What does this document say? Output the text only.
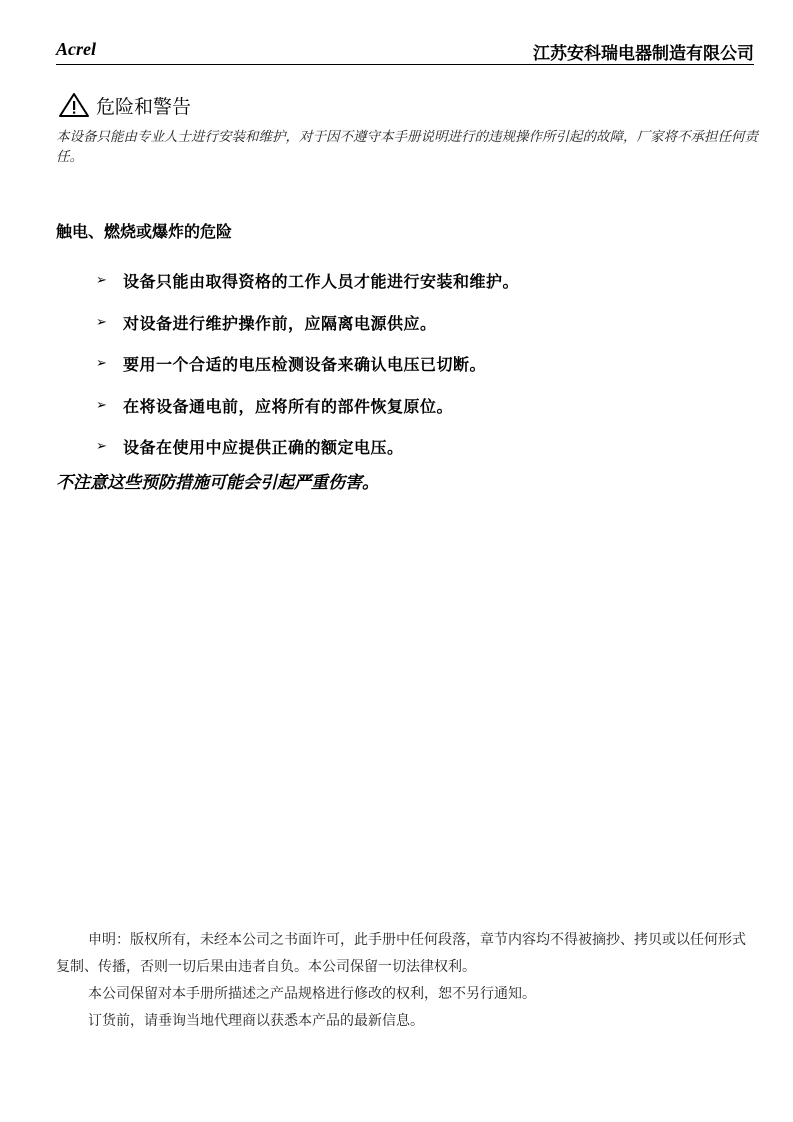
Acrel	江苏安科瑞电器制造有限公司
危险和警告
本设备只能由专业人士进行安装和维护，对于因不遵守本手册说明进行的违规操作所引起的故障，厂家将不承担任何责任。
触电、燃烧或爆炸的危险
➢	设备只能由取得资格的工作人员才能进行安装和维护。
➢	对设备进行维护操作前，应隔离电源供应。
➢	要用一个合适的电压检测设备来确认电压已切断。
➢	在将设备通电前，应将所有的部件恢复原位。
➢	设备在使用中应提供正确的额定电压。
不注意这些预防措施可能会引起严重伤害。

申明：版权所有，未经本公司之书面许可，此手册中任何段落，章节内容均不得被摘抄、拷贝或以任何形式复制、传播，否则一切后果由违者自负。本公司保留一切法律权利。

本公司保留对本手册所描述之产品规格进行修改的权利，恕不另行通知。

订货前，请垂询当地代理商以获悉本产品的最新信息。
